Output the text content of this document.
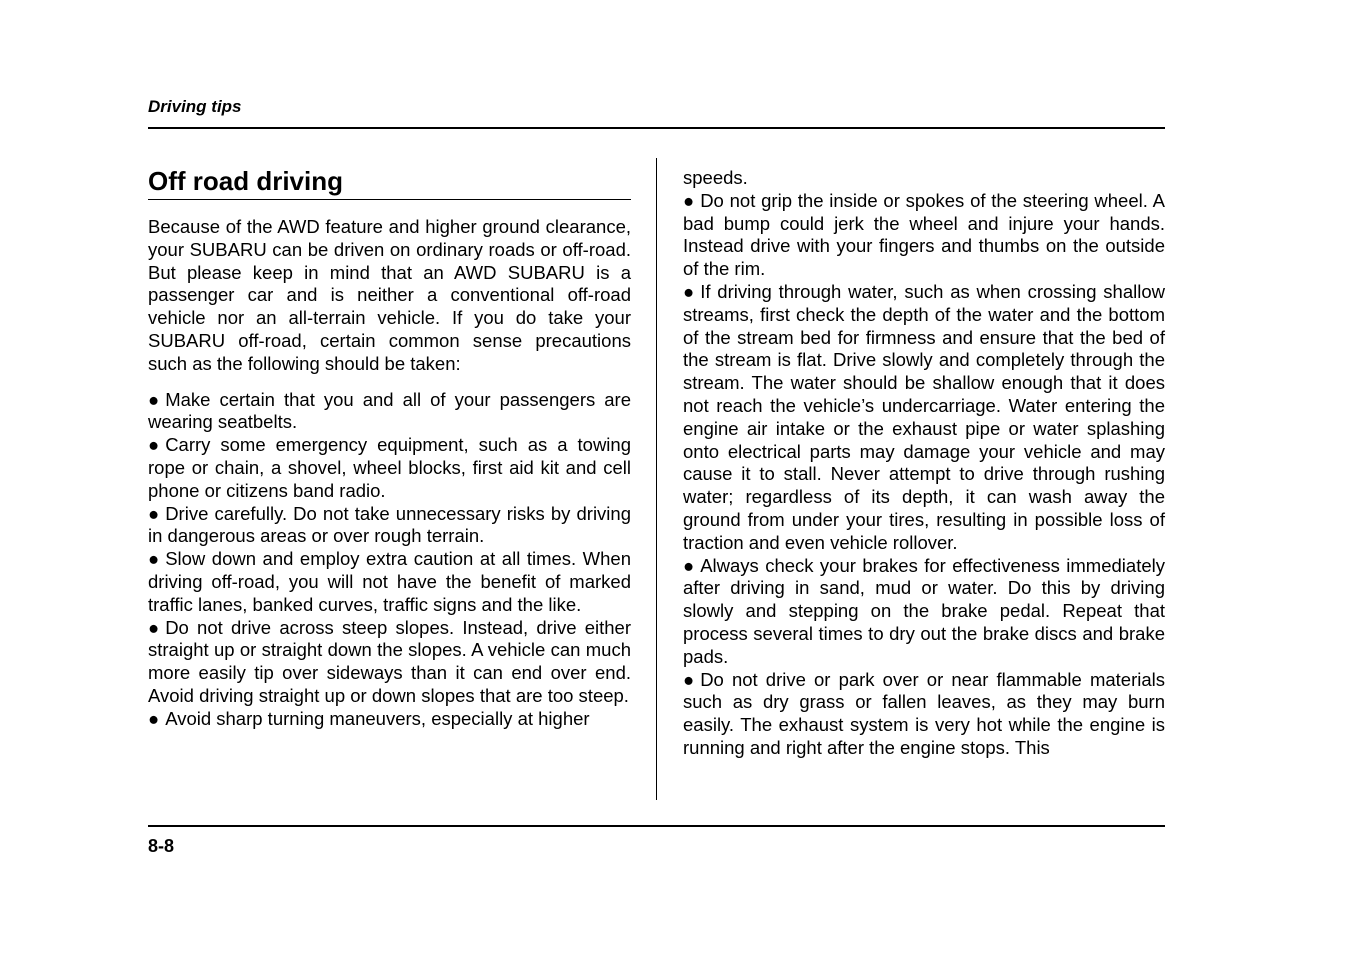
Driving tips
Off road driving

Because of the AWD feature and higher ground clearance, your SUBARU can be driven on ordinary roads or off-road. But please keep in mind that an AWD SUBARU is a passenger car and is neither a conventional off-road vehicle nor an all-terrain vehicle. If you do take your SUBARU off-road, certain common sense precautions such as the following should be taken:

● Make certain that you and all of your passengers are wearing seatbelts.
● Carry some emergency equipment, such as a towing rope or chain, a shovel, wheel blocks, first aid kit and cell phone or citizens band radio.
● Drive carefully. Do not take unnecessary risks by driving in dangerous areas or over rough terrain.
● Slow down and employ extra caution at all times. When driving off-road, you will not have the benefit of marked traffic lanes, banked curves, traffic signs and the like.
● Do not drive across steep slopes. Instead, drive either straight up or straight down the slopes. A vehicle can much more easily tip over sideways than it can end over end. Avoid driving straight up or down slopes that are too steep.
● Avoid sharp turning maneuvers, especially at higher

speeds.

● Do not grip the inside or spokes of the steering wheel. A bad bump could jerk the wheel and injure your hands. Instead drive with your fingers and thumbs on the outside of the rim.

● If driving through water, such as when crossing shallow streams, first check the depth of the water and the bottom of the stream bed for firmness and ensure that the bed of the stream is flat. Drive slowly and completely through the stream. The water should be shallow enough that it does not reach the vehicle’s undercarriage. Water entering the engine air intake or the exhaust pipe or water splashing onto electrical parts may damage your vehicle and may cause it to stall. Never attempt to drive through rushing water; regardless of its depth, it can wash away the ground from under your tires, resulting in possible loss of traction and even vehicle rollover.

● Always check your brakes for effectiveness immediately after driving in sand, mud or water. Do this by driving slowly and stepping on the brake pedal. Repeat that process several times to dry out the brake discs and brake pads.

● Do not drive or park over or near flammable materials such as dry grass or fallen leaves, as they may burn easily. The exhaust system is very hot while the engine is running and right after the engine stops. This

8-8
